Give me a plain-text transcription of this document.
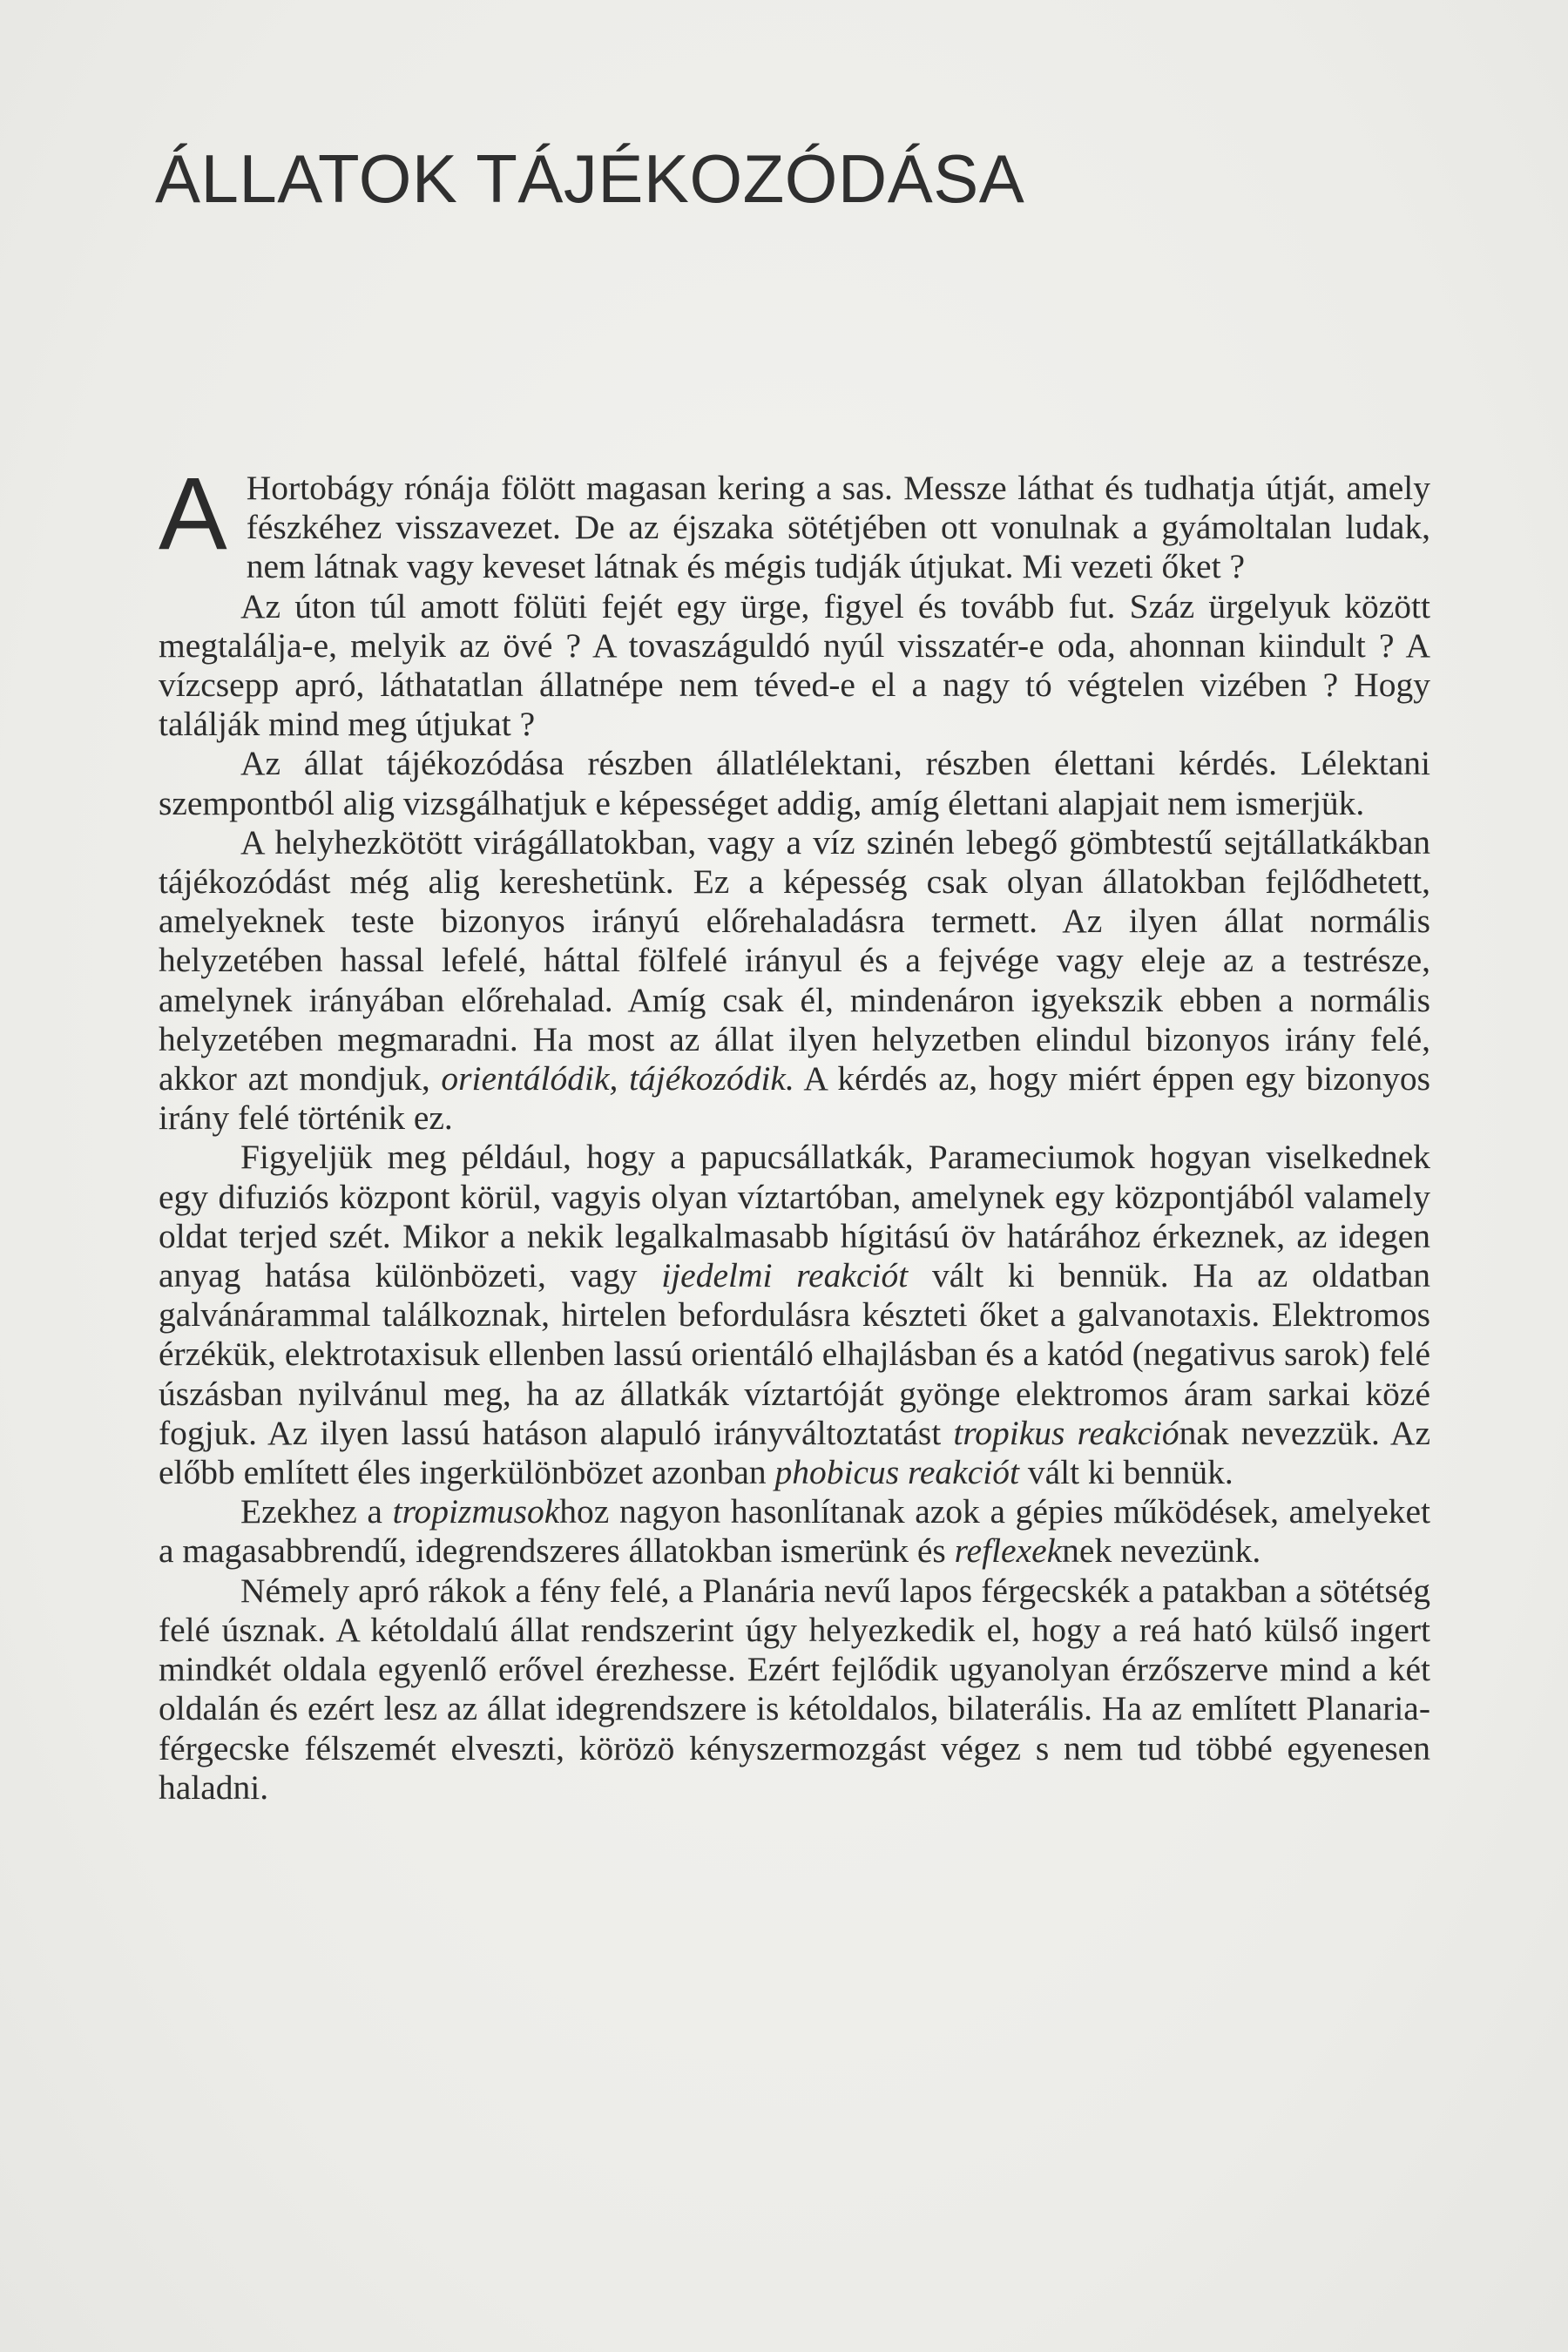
ÁLLATOK TÁJÉKOZÓDÁSA

A Hortobágy rónája fölött magasan kering a sas. Messze láthat és tudhatja útját, amely fészkéhez visszavezet. De az éjszaka sötétjében ott vonulnak a gyámoltalan ludak, nem látnak vagy keveset látnak és mégis tudják útjukat. Mi vezeti őket ?

Az úton túl amott fölüti fejét egy ürge, figyel és tovább fut. Száz ürgelyuk között megtalálja-e, melyik az övé ? A tovaszáguldó nyúl visszatér-e oda, ahonnan kiindult ? A vízcsepp apró, láthatatlan állatnépe nem téved-e el a nagy tó végtelen vizében ? Hogy találják mind meg útjukat ?

Az állat tájékozódása részben állatlélektani, részben élettani kérdés. Lélektani szempontból alig vizsgálhatjuk e képességet addig, amíg élettani alapjait nem ismerjük.

A helyhezkötött virágállatokban, vagy a víz szinén lebegő gömbtestű sejtállatkákban tájékozódást még alig kereshetünk. Ez a képesség csak olyan állatokban fejlődhetett, amelyeknek teste bizonyos irányú előrehaladásra termett. Az ilyen állat normális helyzetében hassal lefelé, háttal fölfelé irányul és a fejvége vagy eleje az a testrésze, amelynek irányában előrehalad. Amíg csak él, mindenáron igyekszik ebben a normális helyzetében megmaradni. Ha most az állat ilyen helyzetben elindul bizonyos irány felé, akkor azt mondjuk, orientálódik, tájékozódik. A kérdés az, hogy miért éppen egy bizonyos irány felé történik ez.

Figyeljük meg például, hogy a papucsállatkák, Parameciumok hogyan viselkednek egy difuziós központ körül, vagyis olyan víztartóban, amelynek egy központjából valamely oldat terjed szét. Mikor a nekik legalkalmasabb hígitású öv határához érkeznek, az idegen anyag hatása különbözeti, vagy ijedelmi reakciót vált ki bennük. Ha az oldatban galvánárammal találkoznak, hirtelen befordulásra készteti őket a galvanotaxis. Elektromos érzékük, elektrotaxisuk ellenben lassú orientáló elhajlásban és a katód (negativus sarok) felé úszásban nyilvánul meg, ha az állatkák víztartóját gyönge elektromos áram sarkai közé fogjuk. Az ilyen lassú hatáson alapuló irányváltoztatást tropikus reakciónak nevezzük. Az előbb említett éles ingerkülönbözet azonban phobicus reakciót vált ki bennük.

Ezekhez a tropizmusokhoz nagyon hasonlítanak azok a gépies működések, amelyeket a magasabbrendű, idegrendszeres állatokban ismerünk és reflexeknek nevezünk.

Némely apró rákok a fény felé, a Planária nevű lapos férgecskék a patakban a sötétség felé úsznak. A kétoldalú állat rendszerint úgy helyezkedik el, hogy a reá ható külső ingert mindkét oldala egyenlő erővel érezhesse. Ezért fejlődik ugyanolyan érzőszerve mind a két oldalán és ezért lesz az állat idegrendszere is kétoldalos, bilaterális. Ha az említett Planaria-férgecske félszemét elveszti, körözö kényszermozgást végez s nem tud többé egyenesen haladni.
